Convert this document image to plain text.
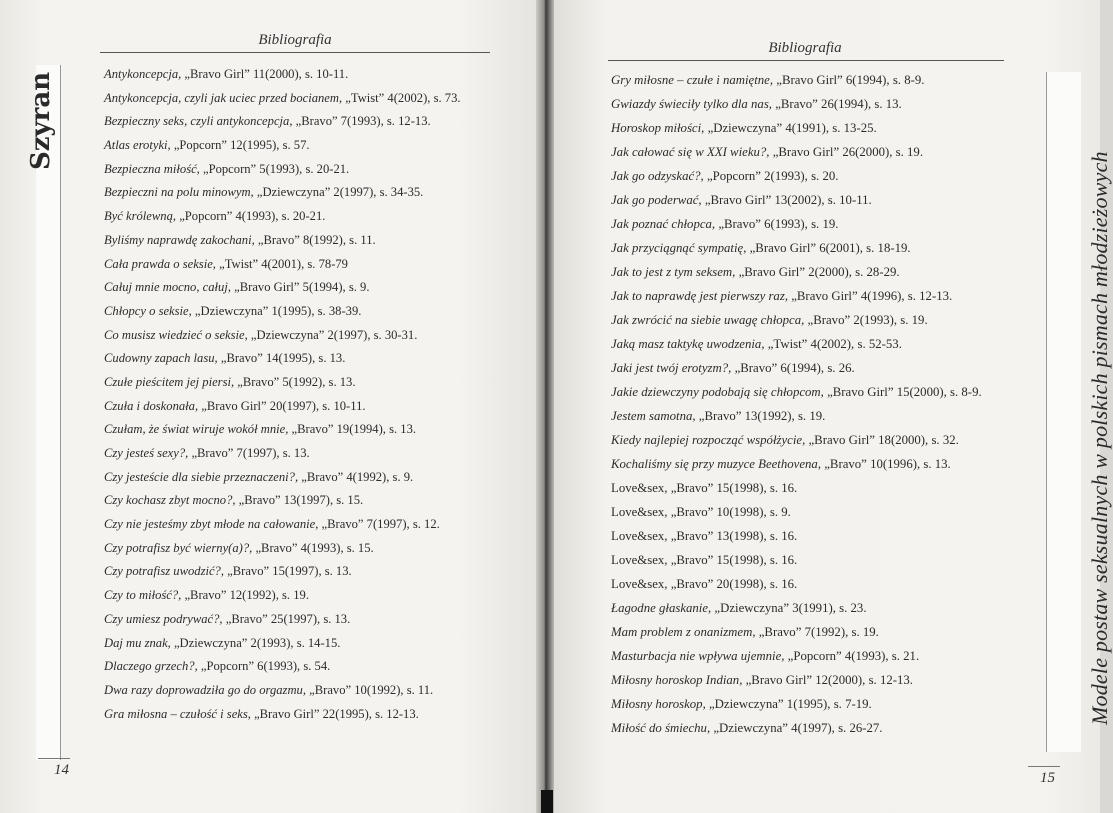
Szyran
Bibliografia
Antykoncepcja, „Bravo Girl” 11(2000), s. 10-11.
Antykoncepcja, czyli jak uciec przed bocianem, „Twist” 4(2002), s. 73.
Bezpieczny seks, czyli antykoncepcja, „Bravo” 7(1993), s. 12-13.
Atlas erotyki, „Popcorn” 12(1995), s. 57.
Bezpieczna miłość, „Popcorn” 5(1993), s. 20-21.
Bezpieczni na polu minowym, „Dziewczyna” 2(1997), s. 34-35.
Być królewną, „Popcorn” 4(1993), s. 20-21.
Byliśmy naprawdę zakochani, „Bravo” 8(1992), s. 11.
Cała prawda o seksie, „Twist” 4(2001), s. 78-79
Całuj mnie mocno, całuj, „Bravo Girl” 5(1994), s. 9.
Chłopcy o seksie, „Dziewczyna” 1(1995), s. 38-39.
Co musisz wiedzieć o seksie, „Dziewczyna” 2(1997), s. 30-31.
Cudowny zapach lasu, „Bravo” 14(1995), s. 13.
Czułe pieścitem jej piersi, „Bravo” 5(1992), s. 13.
Czuła i doskonała, „Bravo Girl” 20(1997), s. 10-11.
Czułam, że świat wiruje wokół mnie, „Bravo” 19(1994), s. 13.
Czy jesteś sexy?, „Bravo” 7(1997), s. 13.
Czy jesteście dla siebie przeznaczeni?, „Bravo” 4(1992), s. 9.
Czy kochasz zbyt mocno?, „Bravo” 13(1997), s. 15.
Czy nie jesteśmy zbyt młode na całowanie, „Bravo” 7(1997), s. 12.
Czy potrafisz być wierny(a)?, „Bravo” 4(1993), s. 15.
Czy potrafisz uwodzić?, „Bravo” 15(1997), s. 13.
Czy to miłość?, „Bravo” 12(1992), s. 19.
Czy umiesz podrywać?, „Bravo” 25(1997), s. 13.
Daj mu znak, „Dziewczyna” 2(1993), s. 14-15.
Dlaczego grzech?, „Popcorn” 6(1993), s. 54.
Dwa razy doprowadziła go do orgazmu, „Bravo” 10(1992), s. 11.
Gra miłosna – czułość i seks, „Bravo Girl” 22(1995), s. 12-13.
14
Bibliografia
Gry miłosne – czułe i namiętne, „Bravo Girl” 6(1994), s. 8-9.
Gwiazdy świeciły tylko dla nas, „Bravo” 26(1994), s. 13.
Horoskop miłości, „Dziewczyna” 4(1991), s. 13-25.
Jak całować się w XXI wieku?, „Bravo Girl” 26(2000), s. 19.
Jak go odzyskać?, „Popcorn” 2(1993), s. 20.
Jak go poderwać, „Bravo Girl” 13(2002), s. 10-11.
Jak poznać chłopca, „Bravo” 6(1993), s. 19.
Jak przyciągnąć sympatię, „Bravo Girl” 6(2001), s. 18-19.
Jak to jest z tym seksem, „Bravo Girl” 2(2000), s. 28-29.
Jak to naprawdę jest pierwszy raz, „Bravo Girl” 4(1996), s. 12-13.
Jak zwrócić na siebie uwagę chłopca, „Bravo” 2(1993), s. 19.
Jaką masz taktykę uwodzenia, „Twist” 4(2002), s. 52-53.
Jaki jest twój erotyzm?, „Bravo” 6(1994), s. 26.
Jakie dziewczyny podobają się chłopcom, „Bravo Girl” 15(2000), s. 8-9.
Jestem samotna, „Bravo” 13(1992), s. 19.
Kiedy najlepiej rozpocząć współżycie, „Bravo Girl” 18(2000), s. 32.
Kochaliśmy się przy muzyce Beethovena, „Bravo” 10(1996), s. 13.
Love&sex, „Bravo” 15(1998), s. 16.
Love&sex, „Bravo” 10(1998), s. 9.
Love&sex, „Bravo” 13(1998), s. 16.
Love&sex, „Bravo” 15(1998), s. 16.
Love&sex, „Bravo” 20(1998), s. 16.
Łagodne głaskanie, „Dziewczyna” 3(1991), s. 23.
Mam problem z onanizmem, „Bravo” 7(1992), s. 19.
Masturbacja nie wpływa ujemnie, „Popcorn” 4(1993), s. 21.
Miłosny horoskop Indian, „Bravo Girl” 12(2000), s. 12-13.
Miłosny horoskop, „Dziewczyna” 1(1995), s. 7-19.
Miłość do śmiechu, „Dziewczyna” 4(1997), s. 26-27.
Modele postaw seksualnych w polskich pismach młodzieżowych
15
